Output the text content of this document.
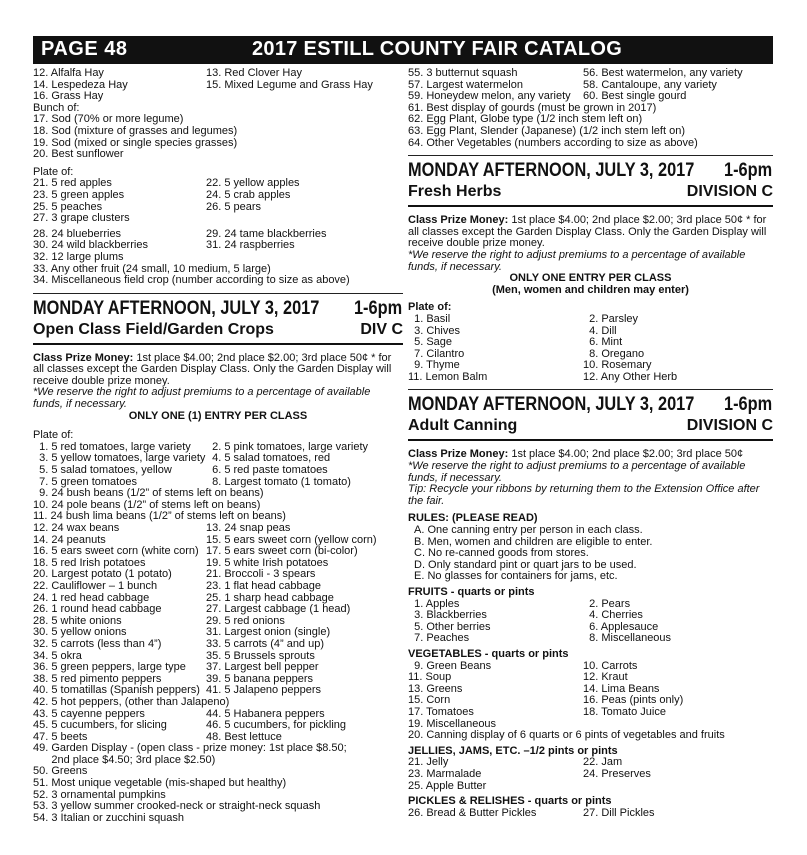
PAGE 48	2017 ESTILL COUNTY FAIR CATALOG
12. Alfalfa Hay	13. Red Clover Hay
14. Lespedeza Hay	15. Mixed Legume and Grass Hay
16. Grass Hay
Bunch of:
17. Sod (70% or more legume)
18. Sod (mixture of grasses and legumes)
19. Sod (mixed or single species grasses)
20. Best sunflower
Plate of:
21. 5 red apples	22. 5 yellow apples
23. 5 green apples	24. 5 crab apples
25. 5 peaches	26. 5 pears
27. 3 grape clusters
28. 24 blueberries	29. 24 tame blackberries
30. 24 wild blackberries	31. 24 raspberries
32. 12 large plums
33. Any other fruit (24 small, 10 medium, 5 large)
34. Miscellaneous field crop (number according to size as above)
MONDAY AFTERNOON, JULY 3, 2017 1-6pm
Open Class Field/Garden Crops	DIV C
Class Prize Money: 1st place $4.00; 2nd place $2.00; 3rd place 50¢ * for all classes except the Garden Display Class. Only the Garden Display will receive double prize money.
*We reserve the right to adjust premiums to a percentage of available funds, if necessary.
ONLY ONE (1) ENTRY PER CLASS
Plate of:
1. 5 red tomatoes, large variety	2. 5 pink tomatoes, large variety
3. 5 yellow tomatoes, large variety 4. 5 salad tomatoes, red
5. 5 salad tomatoes, yellow	6. 5 red paste tomatoes
7. 5 green tomatoes	8. Largest tomato (1 tomato)
9. 24 bush beans (1/2” of stems left on beans)
10. 24 pole beans (1/2” of stems left on beans)
11. 24 bush lima beans (1/2” of stems left on beans)
12. 24 wax beans	13. 24 snap peas
14. 24 peanuts	15. 5 ears sweet corn (yellow corn)
16. 5 ears sweet corn (white corn) 17. 5 ears sweet corn (bi-color)
18. 5 red Irish potatoes	19. 5 white Irish potatoes
20. Largest potato (1 potato)	21. Broccoli - 3 spears
22. Cauliflower – 1 bunch	23. 1 flat head cabbage
24. 1 red head cabbage	25. 1 sharp head cabbage
26. 1 round head cabbage	27. Largest cabbage (1 head)
28. 5 white onions	29. 5 red onions
30. 5 yellow onions	31. Largest onion (single)
32. 5 carrots (less than 4”)	33. 5 carrots (4” and up)
34. 5 okra	35. 5 Brussels sprouts
36. 5 green peppers, large type	37. Largest bell pepper
38. 5 red pimento peppers	39. 5 banana peppers
40. 5 tomatillas (Spanish peppers) 41. 5 Jalapeno peppers
42. 5 hot peppers, (other than Jalapeno)
43. 5 cayenne peppers	44. 5 Habanera peppers
45. 5 cucumbers, for slicing	46. 5 cucumbers, for pickling
47. 5 beets	48. Best lettuce
49. Garden Display - (open class - prize money: 1st place $8.50;
2nd place $4.50; 3rd place $2.50)
50. Greens
51. Most unique vegetable (mis-shaped but healthy)
52. 3 ornamental pumpkins
53. 3 yellow summer crooked-neck or straight-neck squash
54. 3 Italian or zucchini squash
55. 3 butternut squash	56. Best watermelon, any variety
57. Largest watermelon	58. Cantaloupe, any variety
59. Honeydew melon, any variety	60. Best single gourd
61. Best display of gourds (must be grown in 2017)
62. Egg Plant, Globe type (1/2 inch stem left on)
63. Egg Plant, Slender (Japanese) (1/2 inch stem left on)
64. Other Vegetables (numbers according to size as above)
MONDAY AFTERNOON, JULY 3, 2017 1-6pm
Fresh Herbs	DIVISION C
Class Prize Money: 1st place $4.00; 2nd place $2.00; 3rd place 50¢ * for all classes except the Garden Display Class. Only the Garden Display will receive double prize money.
*We reserve the right to adjust premiums to a percentage of available funds, if necessary.
ONLY ONE ENTRY PER CLASS
(Men, women and children may enter)
Plate of:
1. Basil	2. Parsley
3. Chives	4. Dill
5. Sage	6. Mint
7. Cilantro	8. Oregano
9. Thyme	10. Rosemary
11. Lemon Balm	12. Any Other Herb
MONDAY AFTERNOON, JULY 3, 2017 1-6pm
Adult Canning	DIVISION C
Class Prize Money: 1st place $4.00; 2nd place $2.00; 3rd place 50¢
*We reserve the right to adjust premiums to a percentage of available funds, if necessary.
Tip: Recycle your ribbons by returning them to the Extension Office after the fair.
RULES: (PLEASE READ)
A. One canning entry per person in each class.
B. Men, women and children are eligible to enter.
C. No re-canned goods from stores.
D. Only standard pint or quart jars to be used.
E. No glasses for containers for jams, etc.
FRUITS - quarts or pints
1. Apples	2. Pears
3. Blackberries	4. Cherries
5. Other berries	6. Applesauce
7. Peaches	8. Miscellaneous
VEGETABLES - quarts or pints
9. Green Beans	10. Carrots
11. Soup	12. Kraut
13. Greens	14. Lima Beans
15. Corn	16. Peas (pints only)
17. Tomatoes	18. Tomato Juice
19. Miscellaneous
20. Canning display of 6 quarts or 6 pints of vegetables and fruits
JELLIES, JAMS, ETC. –1/2 pints or pints
21. Jelly	22. Jam
23. Marmalade	24. Preserves
25. Apple Butter
PICKLES & RELISHES - quarts or pints
26. Bread & Butter Pickles	27. Dill Pickles
